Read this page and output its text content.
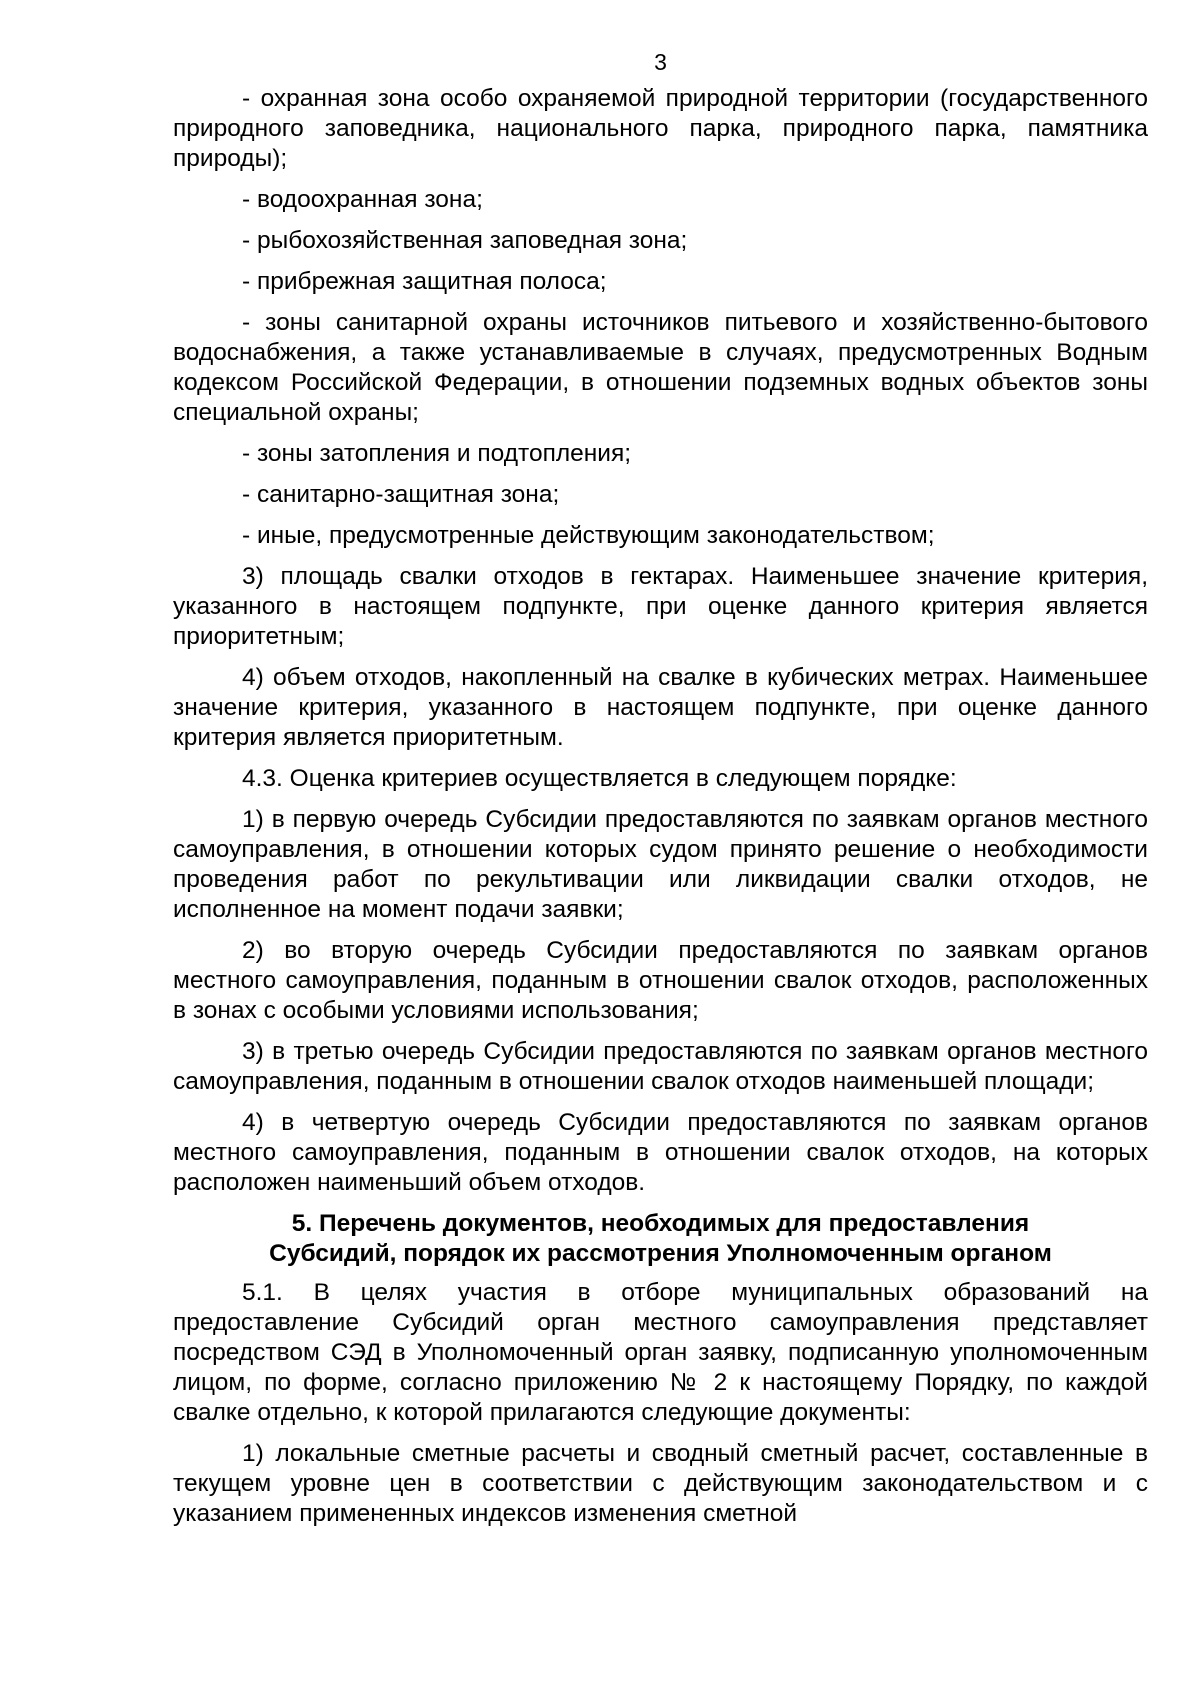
3

- охранная зона особо охраняемой природной территории (государственного природного заповедника, национального парка, природного парка, памятника природы);

- водоохранная зона;

- рыбохозяйственная заповедная зона;

- прибрежная защитная полоса;

- зоны санитарной охраны источников питьевого и хозяйственно-бытового водоснабжения, а также устанавливаемые в случаях, предусмотренных Водным кодексом Российской Федерации, в отношении подземных водных объектов зоны специальной охраны;

- зоны затопления и подтопления;

- санитарно-защитная зона;

- иные, предусмотренные действующим законодательством;

3) площадь свалки отходов в гектарах. Наименьшее значение критерия, указанного в настоящем подпункте, при оценке данного критерия является приоритетным;

4) объем отходов, накопленный на свалке в кубических метрах. Наименьшее значение критерия, указанного в настоящем подпункте, при оценке данного критерия является приоритетным.

4.3. Оценка критериев осуществляется в следующем порядке:

1) в первую очередь Субсидии предоставляются по заявкам органов местного самоуправления, в отношении которых судом принято решение о необходимости проведения работ по рекультивации или ликвидации свалки отходов, не исполненное на момент подачи заявки;

2) во вторую очередь Субсидии предоставляются по заявкам органов местного самоуправления, поданным в отношении свалок отходов, расположенных в зонах с особыми условиями использования;

3) в третью очередь Субсидии предоставляются по заявкам органов местного самоуправления, поданным в отношении свалок отходов наименьшей площади;

4) в четвертую очередь Субсидии предоставляются по заявкам органов местного самоуправления, поданным в отношении свалок отходов, на которых расположен наименьший объем отходов.

5. Перечень документов, необходимых для предоставления
Субсидий, порядок их рассмотрения Уполномоченным органом

5.1. В целях участия в отборе муниципальных образований на предоставление Субсидий орган местного самоуправления представляет посредством СЭД в Уполномоченный орган заявку, подписанную уполномоченным лицом, по форме, согласно приложению № 2 к настоящему Порядку, по каждой свалке отдельно, к которой прилагаются следующие документы:

1) локальные сметные расчеты и сводный сметный расчет, составленные в текущем уровне цен в соответствии с действующим законодательством и с указанием примененных индексов изменения сметной
